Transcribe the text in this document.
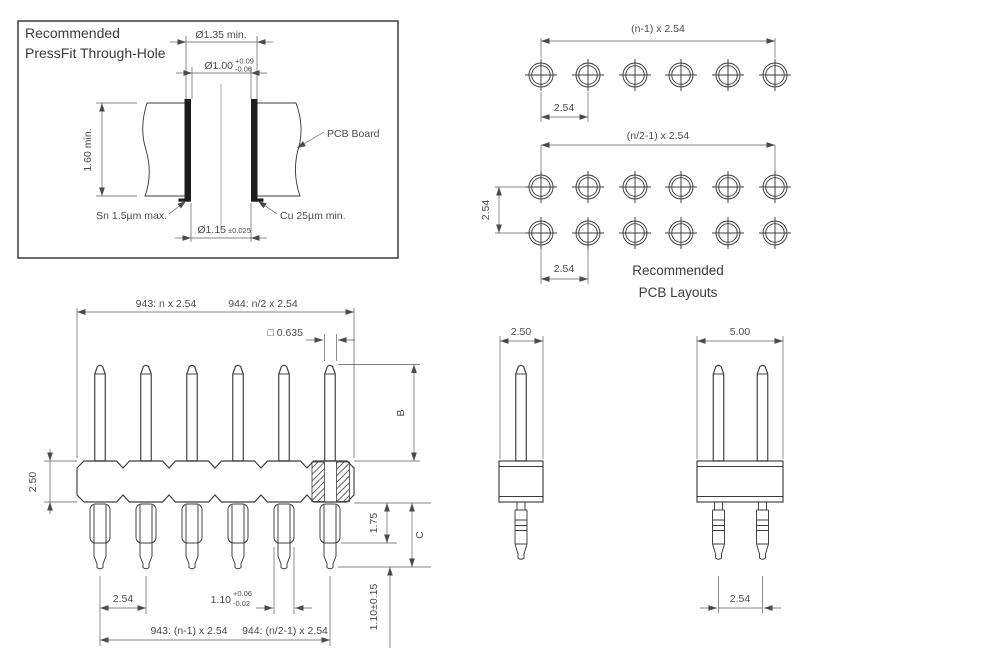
Recommended
PressFit Through-Hole
Ø1.35 min.
Ø1.00 +0.09
-0.06
1.60 min.
Ø1.15 ±0.025
Sn 1.5µm max.	Cu 25µm min.
PCB Board
(n-1) x 2.54
2.54
(n/2-1) x 2.54
2.54
2.54	Recommended
PCB Layouts
943: n x 2.54	944: n/2 x 2.54
□ 0.635
2.50
B
1.75
C
1.10±0.15
2.54	1.10
+0.06
-0.02
943: (n-1) x 2.54 944: (n/2-1) x 2.54
2.50	5.00
2.54
